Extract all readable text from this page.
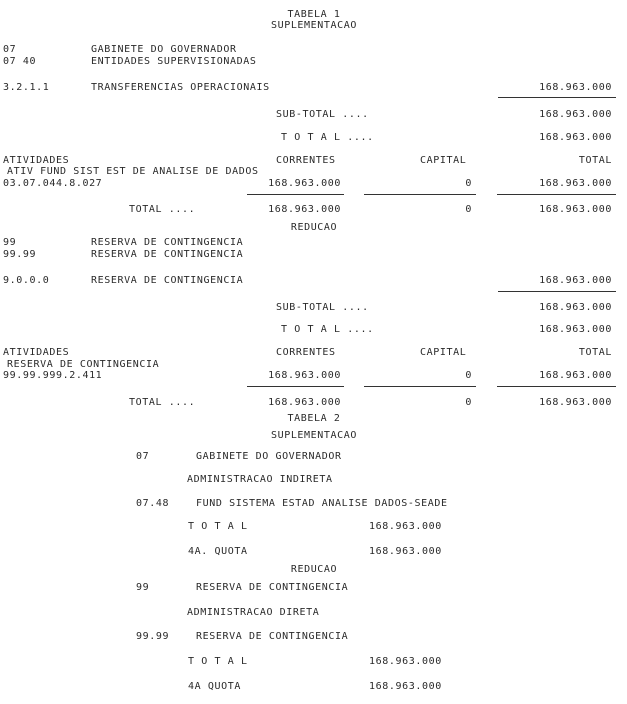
TABELA 1
SUPLEMENTACAO
07	GABINETE DO GOVERNADOR
07 40	ENTIDADES SUPERVISIONADAS
3.2.1.1	TRANSFERENCIAS OPERACIONAIS	168.963.000
SUB-TOTAL ....	168.963.000
T O T A L ....	168.963.000
ATIVIDADES	CORRENTES	CAPITAL	TOTAL
ATIV FUND SIST EST DE ANALISE DE DADOS
03.07.044.8.027	168.963.000	0	168.963.000
TOTAL ....	168.963.000	0	168.963.000
REDUCAO
99	RESERVA DE CONTINGENCIA
99.99	RESERVA DE CONTINGENCIA
9.0.0.0	RESERVA DE CONTINGENCIA	168.963.000
SUB-TOTAL ....	168.963.000
T O T A L ....	168.963.000
ATIVIDADES	CORRENTES	CAPITAL	TOTAL
RESERVA DE CONTINGENCIA
99.99.999.2.411	168.963.000	0	168.963.000
TOTAL ....	168.963.000	0	168.963.000
TABELA 2
SUPLEMENTACAO
07	GABINETE DO GOVERNADOR
ADMINISTRACAO INDIRETA
07.48	FUND SISTEMA ESTAD ANALISE DADOS-SEADE
T O T A L	168.963.000
4A. QUOTA	168.963.000
REDUCAO
99	RESERVA DE CONTINGENCIA
ADMINISTRACAO DIRETA
99.99	RESERVA DE CONTINGENCIA
T O T A L	168.963.000
4A QUOTA	168.963.000
